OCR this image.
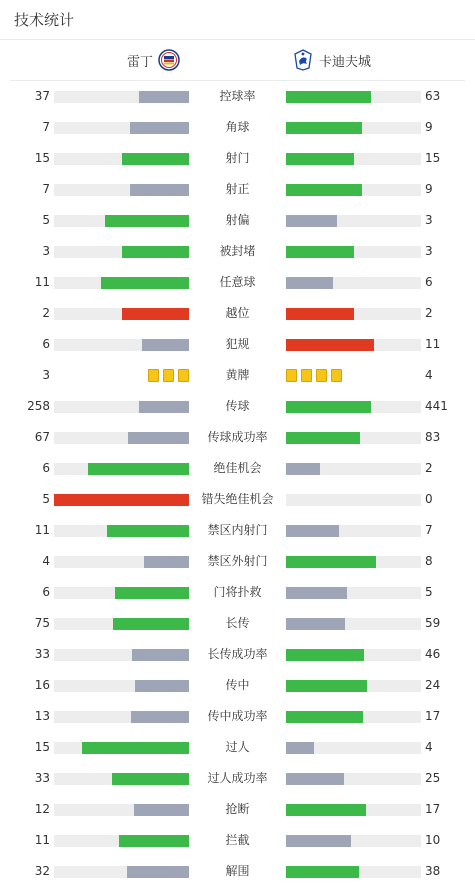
技术统计
雷丁	卡迪夫城
37	控球率	63
7	角球	9
15	射门	15
7	射正	9
5	射偏	3
3	被封堵	3
11	任意球	6
2	越位	2
6	犯规	11
3	黄牌	4
258	传球	441
67	传球成功率	83
6	绝佳机会	2
5	错失绝佳机会	0
11	禁区内射门	7
4	禁区外射门	8
6	门将扑救	5
75	长传	59
33	长传成功率	46
16	传中	24
13	传中成功率	17
15	过人	4
33	过人成功率	25
12	抢断	17
11	拦截	10
32	解围	38
